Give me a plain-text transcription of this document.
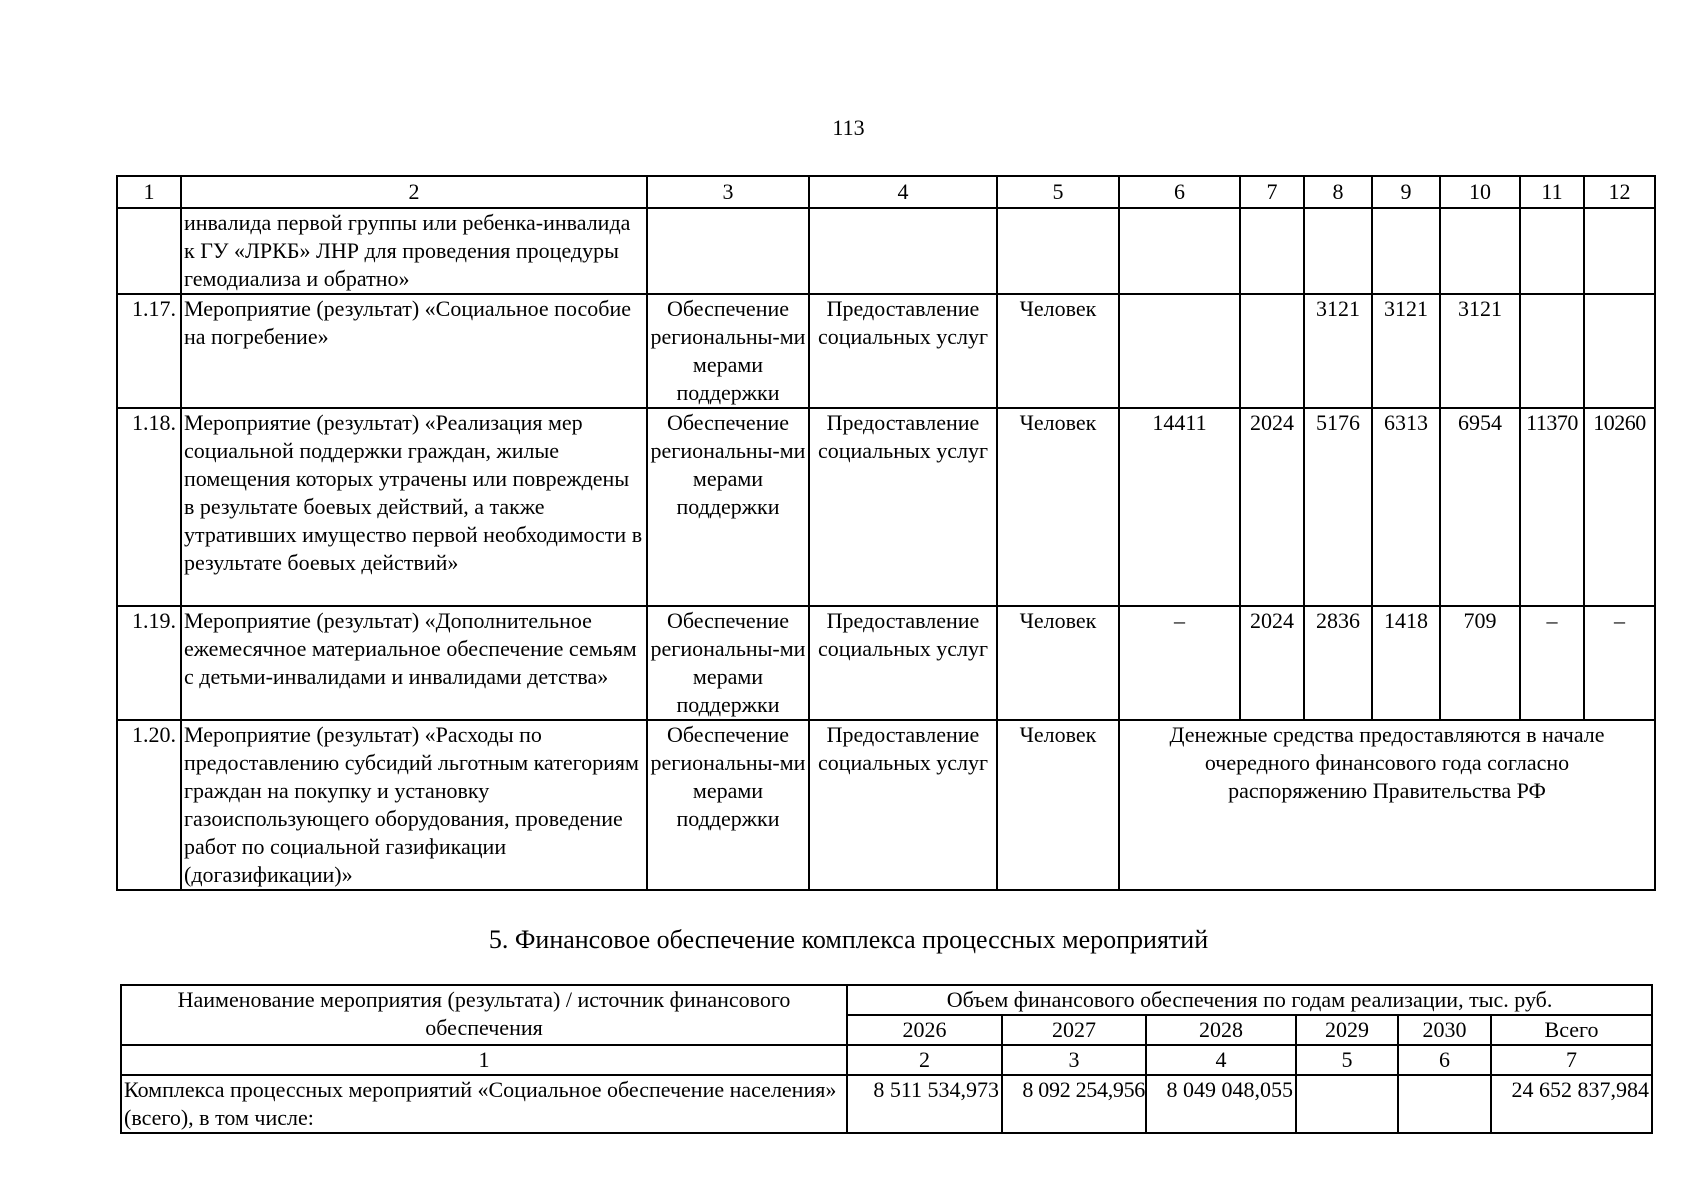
113
1	2	3	4	5	6	7	8	9	10	11	12
	инвалида первой группы или ребенка-инвалида к ГУ «ЛРКБ» ЛНР для проведения процедуры гемодиализа и обратно»										
1.17.	Мероприятие (результат) «Социальное пособие на погребение»	Обеспечение региональны-ми мерами поддержки	Предоставление социальных услуг	Человек			3121	3121	3121		
1.18.	Мероприятие (результат) «Реализация мер социальной поддержки граждан, жилые помещения которых утрачены или повреждены в результате боевых действий, а также утративших имущество первой необходимости в результате боевых действий»	Обеспечение региональны-ми мерами поддержки	Предоставление социальных услуг	Человек	14411	2024	5176	6313	6954	11370	10260
1.19.	Мероприятие (результат) «Дополнительное ежемесячное материальное обеспечение семьям с детьми-инвалидами и инвалидами детства»	Обеспечение региональны-ми мерами поддержки	Предоставление социальных услуг	Человек	–	2024	2836	1418	709	–	–
1.20.	Мероприятие (результат) «Расходы по предоставлению субсидий льготным категориям граждан на покупку и установку газоиспользующего оборудования, проведение работ по социальной газификации (догазификации)»	Обеспечение региональны-ми мерами поддержки	Предоставление социальных услуг	Человек	Денежные средства предоставляются в начале очередного финансового года согласно распоряжению Правительства РФ						
5. Финансовое обеспечение комплекса процессных мероприятий
Наименование мероприятия (результата) / источник финансового обеспечения	Объем финансового обеспечения по годам реализации, тыс. руб.					
	2026	2027	2028	2029	2030	Всего
1	2	3	4	5	6	7
Комплекса процессных мероприятий «Социальное обеспечение населения» (всего), в том числе:	8 511 534,973	8 092 254,956	8 049 048,055			24 652 837,984
